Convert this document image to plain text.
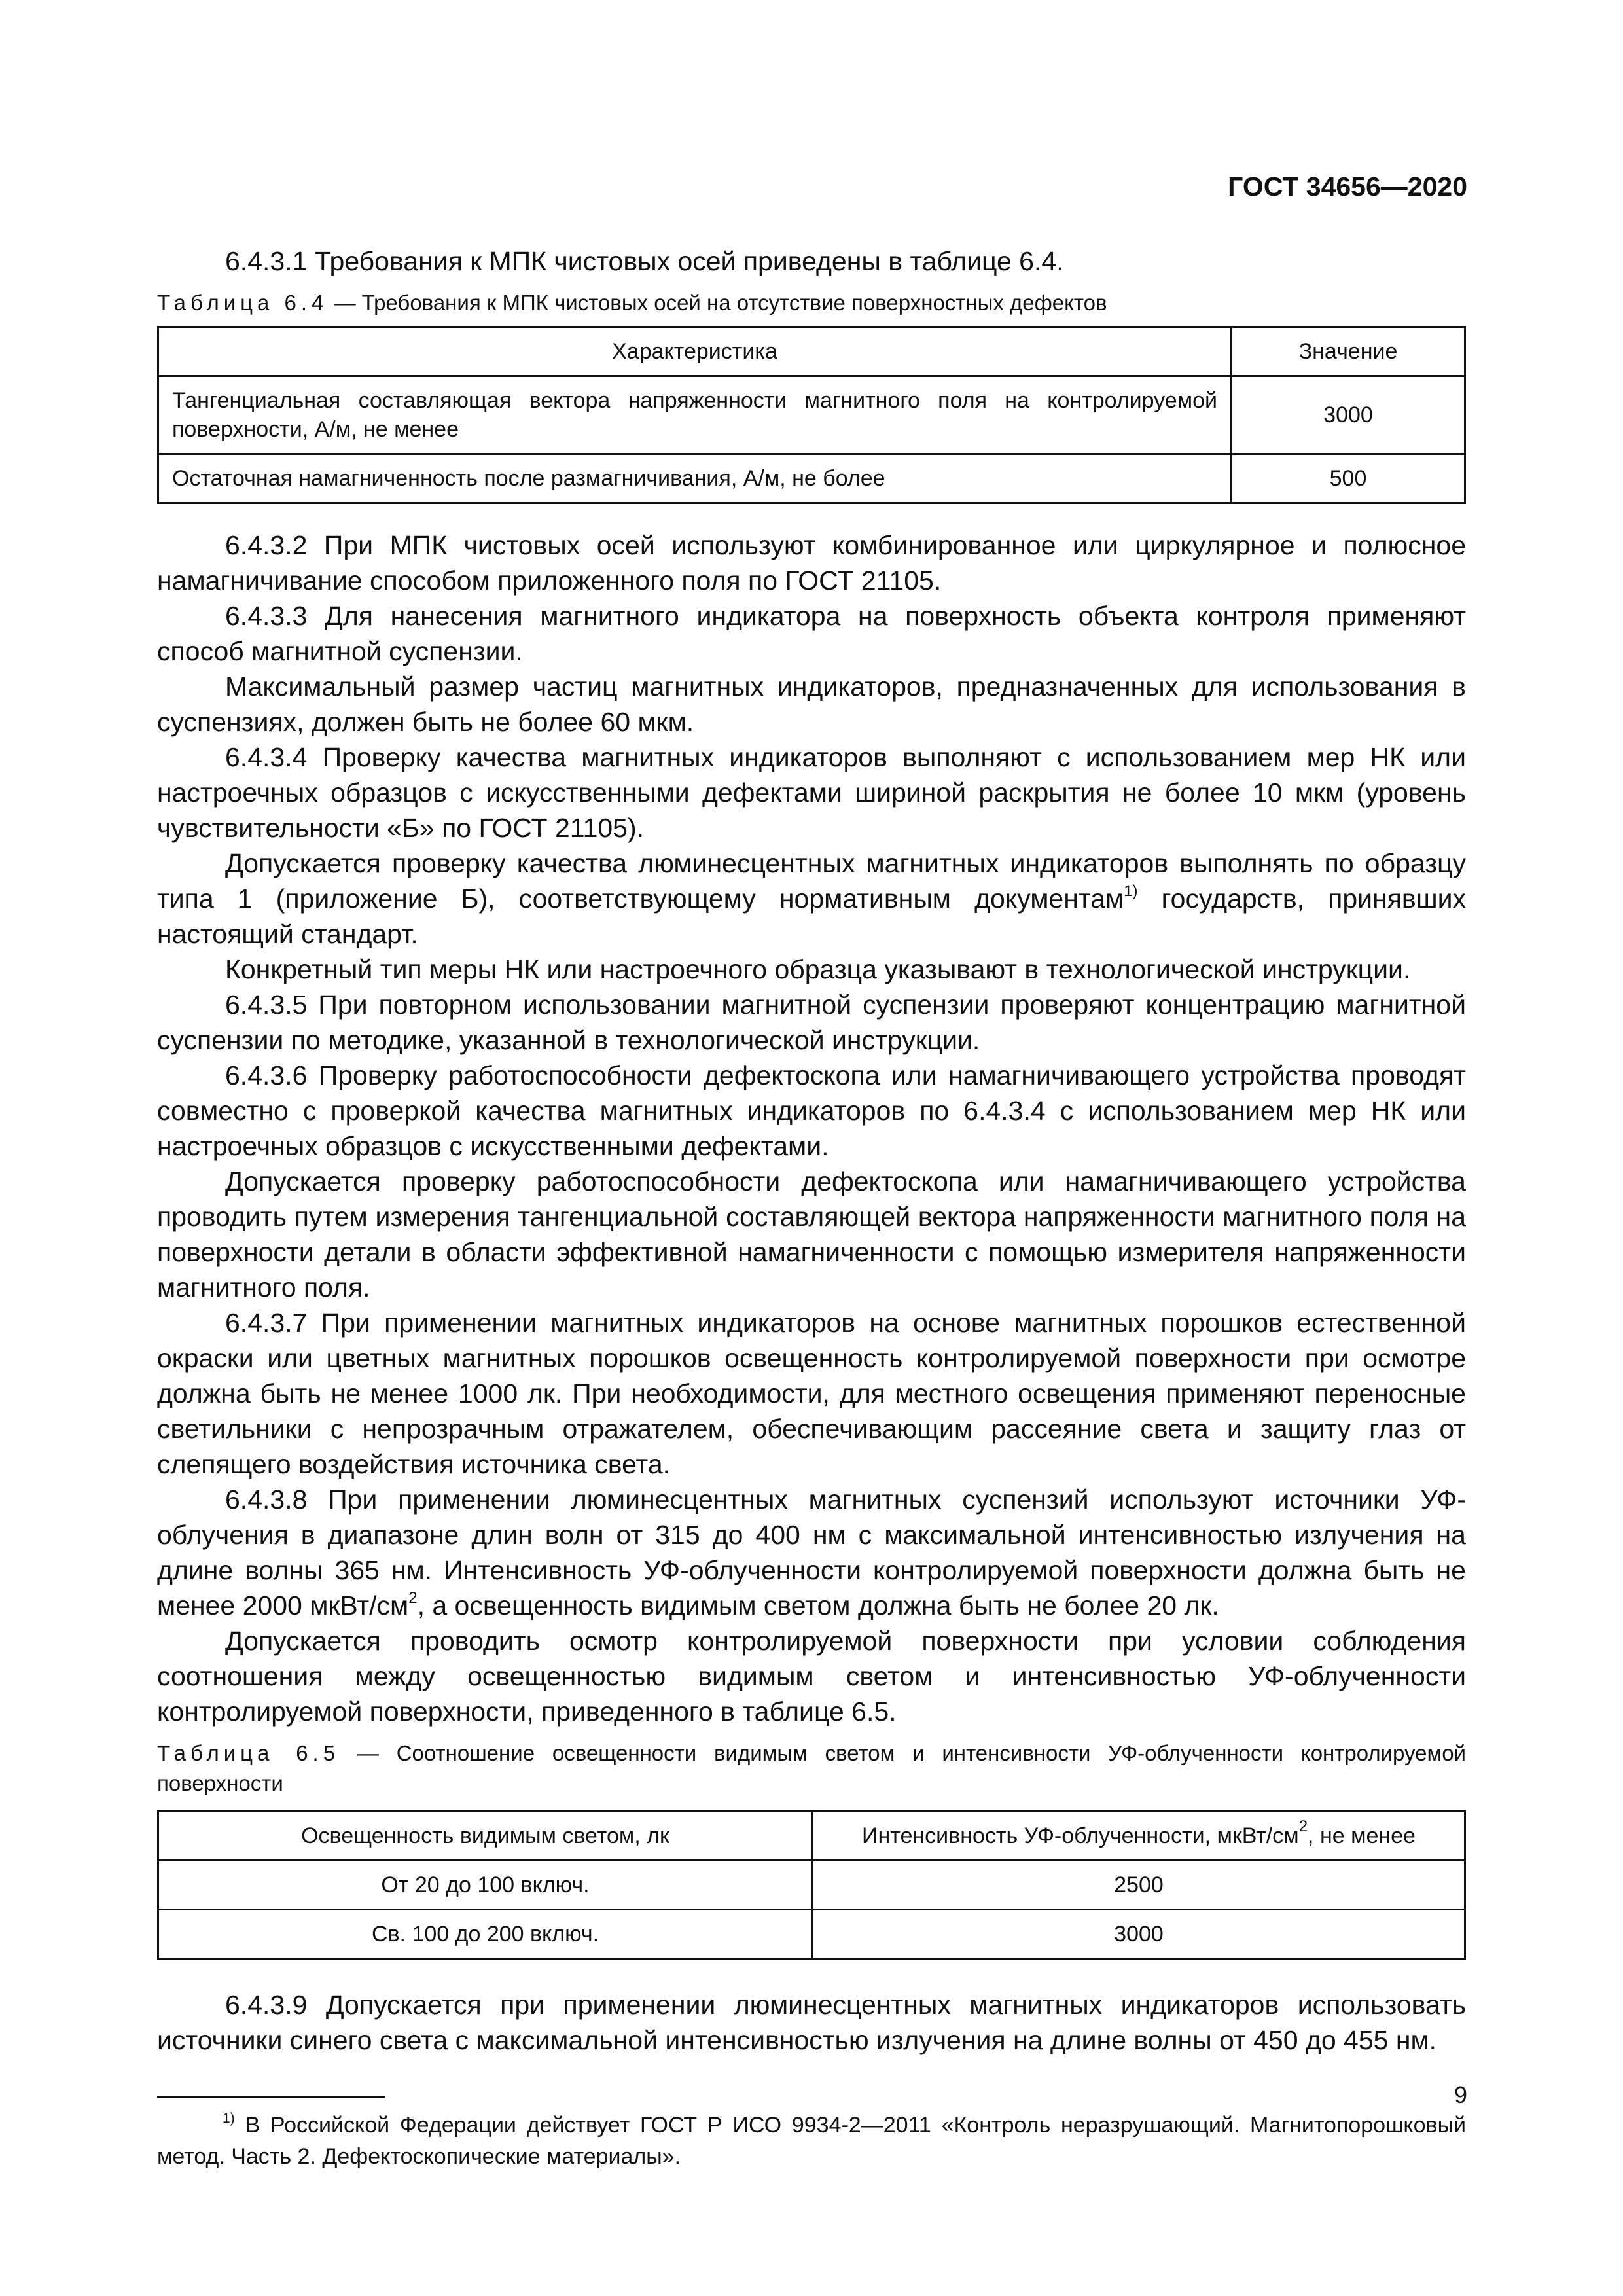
ГОСТ 34656—2020

6.4.3.1 Требования к МПК чистовых осей приведены в таблице 6.4.

Таблица 6.4 — Требования к МПК чистовых осей на отсутствие поверхностных дефектов
Характеристика	Значение
Тангенциальная составляющая вектора напряженности магнитного поля на контролируемой поверхности, А/м, не менее	3000
Остаточная намагниченность после размагничивания, А/м, не более	500

6.4.3.2 При МПК чистовых осей используют комбинированное или циркулярное и полюсное намагничивание способом приложенного поля по ГОСТ 21105.

6.4.3.3 Для нанесения магнитного индикатора на поверхность объекта контроля применяют способ магнитной суспензии.

Максимальный размер частиц магнитных индикаторов, предназначенных для использования в суспензиях, должен быть не более 60 мкм.

6.4.3.4 Проверку качества магнитных индикаторов выполняют с использованием мер НК или настроечных образцов с искусственными дефектами шириной раскрытия не более 10 мкм (уровень чувствительности «Б» по ГОСТ 21105).

Допускается проверку качества люминесцентных магнитных индикаторов выполнять по образцу типа 1 (приложение Б), соответствующему нормативным документам$^{1)}$ государств, принявших настоящий стандарт.

Конкретный тип меры НК или настроечного образца указывают в технологической инструкции.

6.4.3.5 При повторном использовании магнитной суспензии проверяют концентрацию магнитной суспензии по методике, указанной в технологической инструкции.

6.4.3.6 Проверку работоспособности дефектоскопа или намагничивающего устройства проводят совместно с проверкой качества магнитных индикаторов по 6.4.3.4 с использованием мер НК или настроечных образцов с искусственными дефектами.

Допускается проверку работоспособности дефектоскопа или намагничивающего устройства проводить путем измерения тангенциальной составляющей вектора напряженности магнитного поля на поверхности детали в области эффективной намагниченности с помощью измерителя напряженности магнитного поля.

6.4.3.7 При применении магнитных индикаторов на основе магнитных порошков естественной окраски или цветных магнитных порошков освещенность контролируемой поверхности при осмотре должна быть не менее 1000 лк. При необходимости, для местного освещения применяют переносные светильники с непрозрачным отражателем, обеспечивающим рассеяние света и защиту глаз от слепящего воздействия источника света.

6.4.3.8 При применении люминесцентных магнитных суспензий используют источники УФ-облучения в диапазоне длин волн от 315 до 400 нм с максимальной интенсивностью излучения на длине волны 365 нм. Интенсивность УФ-облученности контролируемой поверхности должна быть не менее 2000 мкВт/$см^2$, а освещенность видимым светом должна быть не более 20 лк.

Допускается проводить осмотр контролируемой поверхности при условии соблюдения соотношения между освещенностью видимым светом и интенсивностью УФ-облученности контролируемой поверхности, приведенного в таблице 6.5.

Таблица 6.5 — Соотношение освещенности видимым светом и интенсивности УФ-облученности контролируемой поверхности
Освещенность видимым светом, лк	Интенсивность УФ-облученности, мкВт/$см^2$, не менее
От 20 до 100 включ.	2500
Св. 100 до 200 включ.	3000

6.4.3.9 Допускается при применении люминесцентных магнитных индикаторов использовать источники синего света с максимальной интенсивностью излучения на длине волны от 450 до 455 нм.

$^{1)}$ В Российской Федерации действует ГОСТ Р ИСО 9934-2—2011 «Контроль неразрушающий. Магнитопорошковый метод. Часть 2. Дефектоскопические материалы».

9
